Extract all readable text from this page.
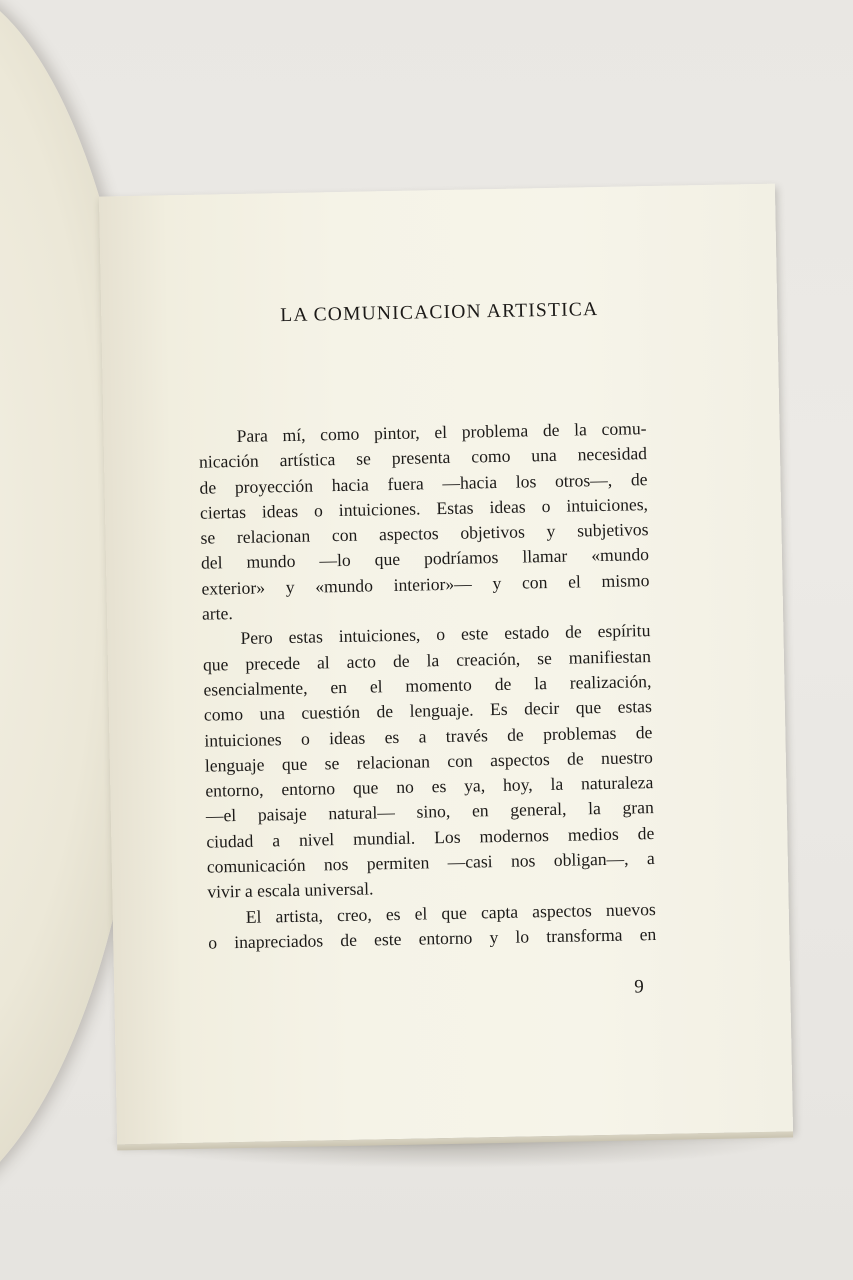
LA COMUNICACION ARTISTICA
Para mí, como pintor, el problema de la comu-
nicación artística se presenta como una necesidad
de proyección hacia fuera —hacia los otros—, de
ciertas ideas o intuiciones. Estas ideas o intuiciones,
se relacionan con aspectos objetivos y subjetivos
del mundo —lo que podríamos llamar «mundo
exterior» y «mundo interior»— y con el mismo
arte.
Pero estas intuiciones, o este estado de espíritu
que precede al acto de la creación, se manifiestan
esencialmente, en el momento de la realización,
como una cuestión de lenguaje. Es decir que estas
intuiciones o ideas es a través de problemas de
lenguaje que se relacionan con aspectos de nuestro
entorno, entorno que no es ya, hoy, la naturaleza
—el paisaje natural— sino, en general, la gran
ciudad a nivel mundial. Los modernos medios de
comunicación nos permiten —casi nos obligan—, a
vivir a escala universal.
El artista, creo, es el que capta aspectos nuevos
o inapreciados de este entorno y lo transforma en
9
